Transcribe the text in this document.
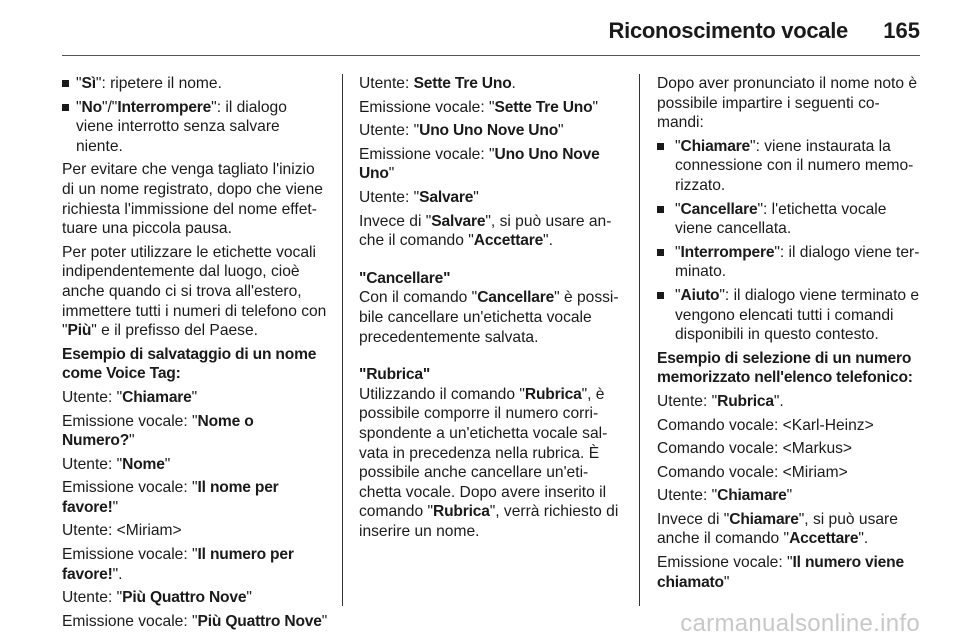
Riconoscimento vocale 165
"Sì": ripetere il nome.
"No"/"Interrompere": il dialogo viene interrotto senza salvare niente.

Per evitare che venga tagliato l'inizio di un nome registrato, dopo che viene richiesta l'immissione del nome effet-tuare una piccola pausa.

Per poter utilizzare le etichette vocali indipendentemente dal luogo, cioè anche quando ci si trova all'estero, immettere tutti i numeri di telefono con "Più" e il prefisso del Paese.

Esempio di salvataggio di un nome come Voice Tag:

Utente: "Chiamare"

Emissione vocale: "Nome o Numero?"

Utente: "Nome"

Emissione vocale: "Il nome per favore!"

Utente: <Miriam>

Emissione vocale: "Il numero per favore!".

Utente: "Più Quattro Nove"

Emissione vocale: "Più Quattro Nove"

Utente: Sette Tre Uno.

Emissione vocale: "Sette Tre Uno"

Utente: "Uno Uno Nove Uno"

Emissione vocale: "Uno Uno Nove Uno"

Utente: "Salvare"

Invece di "Salvare", si può usare an-che il comando "Accettare".

"Cancellare"

Con il comando "Cancellare" è possi-bile cancellare un'etichetta vocale precedentemente salvata.

"Rubrica"

Utilizzando il comando "Rubrica", è possibile comporre il numero corri-spondente a un'etichetta vocale sal-vata in precedenza nella rubrica. È possibile anche cancellare un'eti-chetta vocale. Dopo avere inserito il comando "Rubrica", verrà richiesto di inserire un nome.

Dopo aver pronunciato il nome noto è possibile impartire i seguenti co-mandi:

"Chiamare": viene instaurata la connessione con il numero memo-rizzato.
"Cancellare": l'etichetta vocale viene cancellata.
"Interrompere": il dialogo viene ter-minato.
"Aiuto": il dialogo viene terminato e vengono elencati tutti i comandi disponibili in questo contesto.

Esempio di selezione di un numero memorizzato nell'elenco telefonico:

Utente: "Rubrica".

Comando vocale: <Karl-Heinz>

Comando vocale: <Markus>

Comando vocale: <Miriam>

Utente: "Chiamare"

Invece di "Chiamare", si può usare anche il comando "Accettare".

Emissione vocale: "Il numero viene chiamato"

carmanualsonline.info
